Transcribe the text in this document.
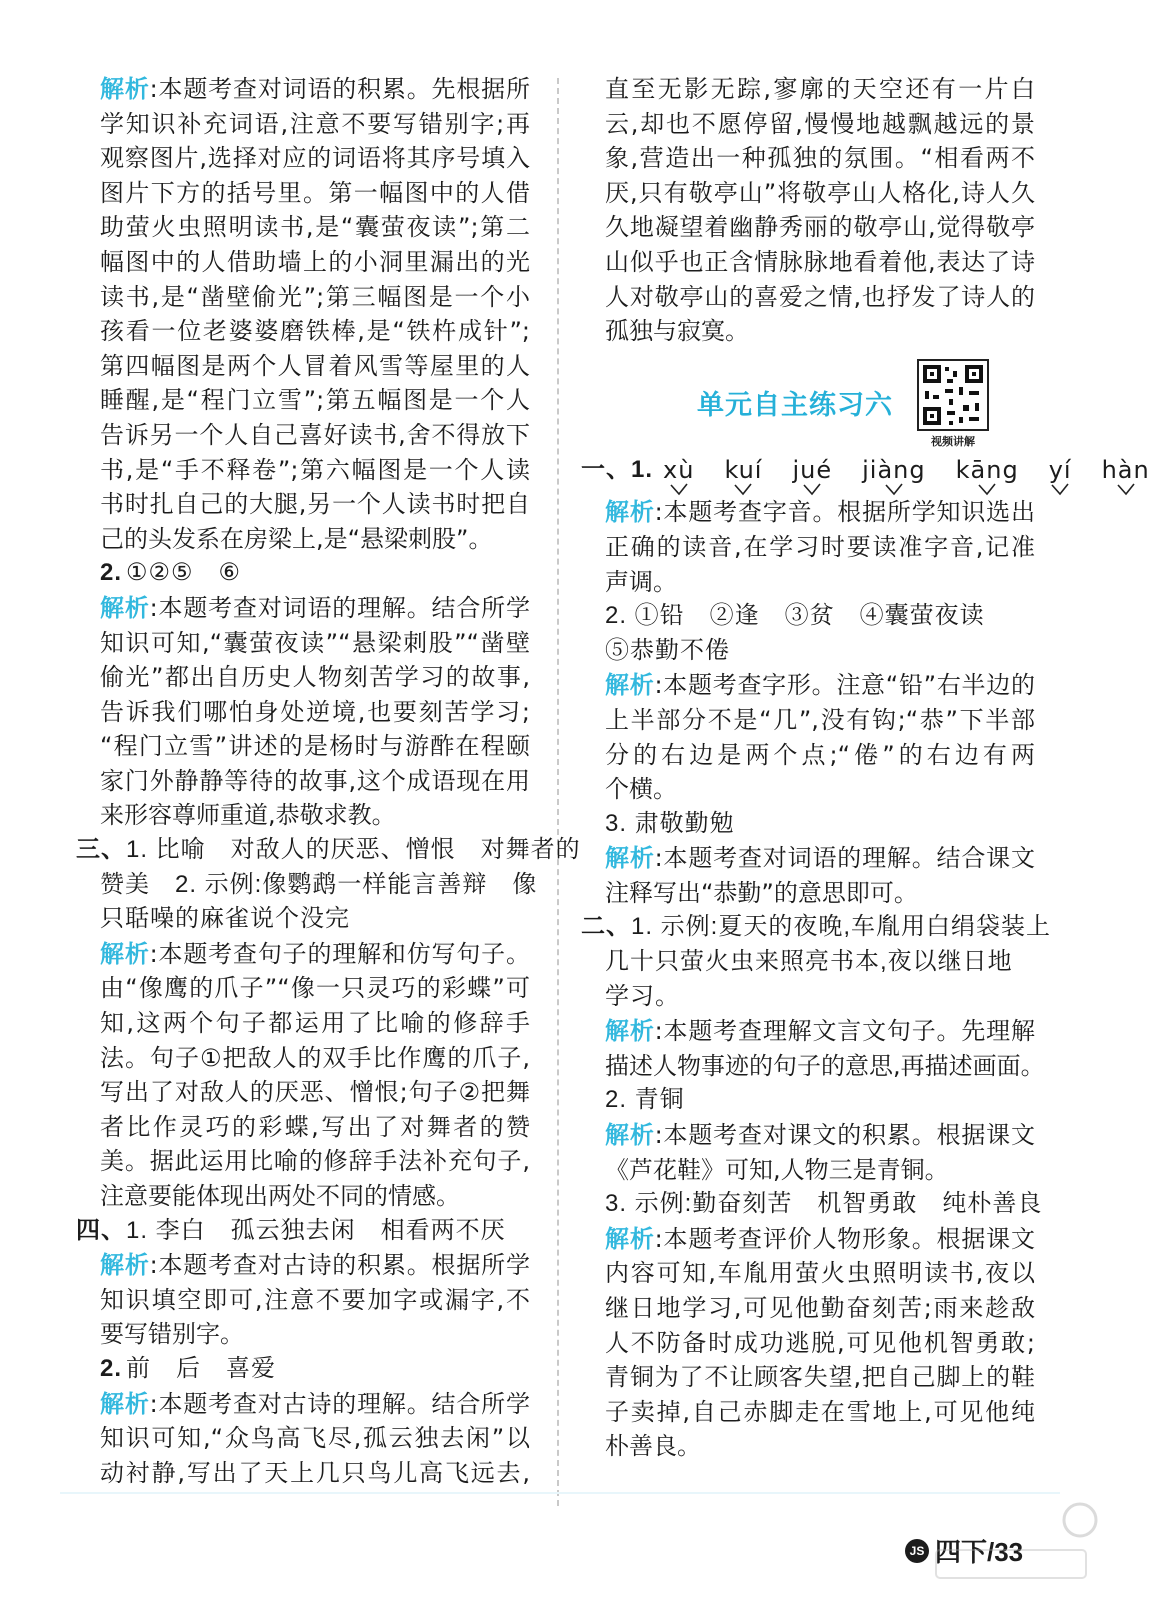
解析:本题考查对词语的积累。先根据所
学知识补充词语,注意不要写错别字;再
观察图片,选择对应的词语将其序号填入
图片下方的括号里。第一幅图中的人借
助萤火虫照明读书,是“囊萤夜读”;第二
幅图中的人借助墙上的小洞里漏出的光
读书,是“凿壁偷光”;第三幅图是一个小
孩看一位老婆婆磨铁棒,是“铁杵成针”;
第四幅图是两个人冒着风雪等屋里的人
睡醒,是“程门立雪”;第五幅图是一个人
告诉另一个人自己喜好读书,舍不得放下
书,是“手不释卷”;第六幅图是一个人读
书时扎自己的大腿,另一个人读书时把自
己的头发系在房梁上,是“悬梁刺股”。
2. ①②⑤　⑥
解析:本题考查对词语的理解。结合所学
知识可知,“囊萤夜读”“悬梁刺股”“凿壁
偷光”都出自历史人物刻苦学习的故事,
告诉我们哪怕身处逆境,也要刻苦学习;
“程门立雪”讲述的是杨时与游酢在程颐
家门外静静等待的故事,这个成语现在用
来形容尊师重道,恭敬求教。
三、1. 比喻　对敌人的厌恶、憎恨　对舞者的
赞美　2. 示例:像鹦鹉一样能言善辩　像
只聒噪的麻雀说个没完
解析:本题考查句子的理解和仿写句子。
由“像鹰的爪子”“像一只灵巧的彩蝶”可
知,这两个句子都运用了比喻的修辞手
法。句子①把敌人的双手比作鹰的爪子,
写出了对敌人的厌恶、憎恨;句子②把舞
者比作灵巧的彩蝶,写出了对舞者的赞
美。据此运用比喻的修辞手法补充句子,
注意要能体现出两处不同的情感。
四、1. 李白　孤云独去闲　相看两不厌
解析:本题考查对古诗的积累。根据所学
知识填空即可,注意不要加字或漏字,不
要写错别字。
2. 前　后　喜爱
解析:本题考查对古诗的理解。结合所学
知识可知,“众鸟高飞尽,孤云独去闲”以
动衬静,写出了天上几只鸟儿高飞远去,
直至无影无踪,寥廓的天空还有一片白
云,却也不愿停留,慢慢地越飘越远的景
象,营造出一种孤独的氛围。“相看两不
厌,只有敬亭山”将敬亭山人格化,诗人久
久地凝望着幽静秀丽的敬亭山,觉得敬亭
山似乎也正含情脉脉地看着他,表达了诗
人对敬亭山的喜爱之情,也抒发了诗人的
孤独与寂寞。
单元自主练习六
视频讲解
一、 1. xù kuí jué jiàng kāng yí hàn
解析:本题考查字音。根据所学知识选出
正确的读音,在学习时要读准字音,记准
声调。
2. ①铅　②逢　③贫　④囊萤夜读
⑤恭勤不倦
解析:本题考查字形。注意“铅”右半边的
上半部分不是“几”,没有钩;“恭”下半部
分的右边是两个点;“倦”的右边有两
个横。
3. 肃敬勤勉
解析:本题考查对词语的理解。结合课文
注释写出“恭勤”的意思即可。
二、1. 示例:夏天的夜晚,车胤用白绢袋装上
几十只萤火虫来照亮书本,夜以继日地
学习。
解析:本题考查理解文言文句子。先理解
描述人物事迹的句子的意思,再描述画面。
2. 青铜
解析:本题考查对课文的积累。根据课文
《芦花鞋》可知,人物三是青铜。
3. 示例:勤奋刻苦　机智勇敢　纯朴善良
解析:本题考查评价人物形象。根据课文
内容可知,车胤用萤火虫照明读书,夜以
继日地学习,可见他勤奋刻苦;雨来趁敌
人不防备时成功逃脱,可见他机智勇敢;
青铜为了不让顾客失望,把自己脚上的鞋
子卖掉,自己赤脚走在雪地上,可见他纯
朴善良。
JS 四下/33
